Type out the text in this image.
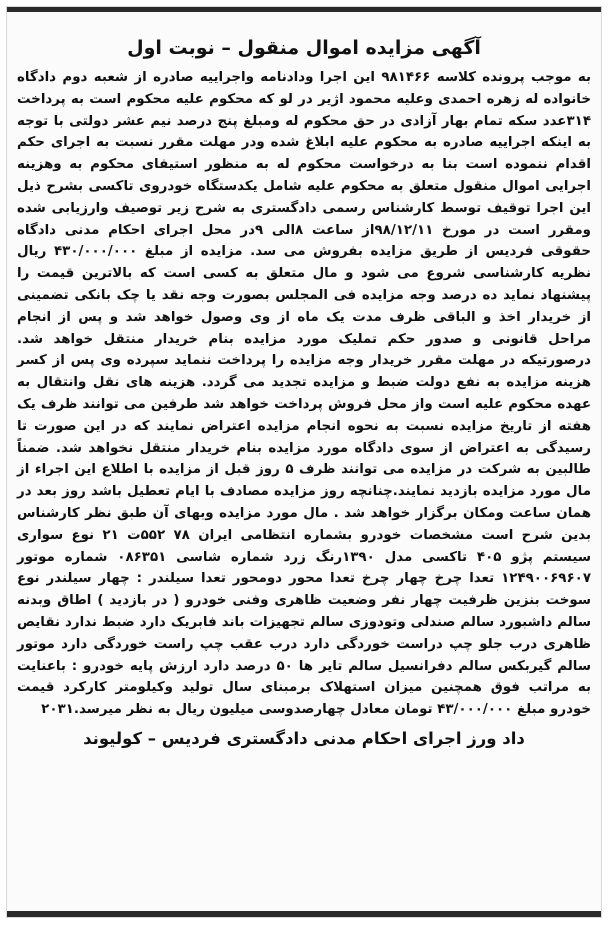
آگهی مزایده اموال منقول – نوبت اول

به موجب پرونده کلاسه ۹۸۱۴۶۶ این اجرا ودادنامه واجراییه صادره از شعبه دوم دادگاه خانواده له زهره احمدی وعلیه محمود اژیر در لو که محکوم علیه محکوم است به پرداخت ۳۱۴عدد سکه تمام بهار آزادی در حق محکوم له ومبلغ پنج درصد نیم عشر دولتی با توجه به اینکه اجراییه صادره به محکوم علیه ابلاغ شده ودر مهلت مقرر نسبت به اجرای حکم اقدام ننموده است بنا به درخواست محکوم له به منظور استیفای محکوم به وهزینه اجرایی اموال منقول متعلق به محکوم علیه شامل یکدستگاه خودروی تاکسی بشرح ذیل این اجرا توقیف توسط کارشناس رسمی دادگستری به شرح زیر توصیف وارزیابی شده ومقرر است در مورخ ۹۸/۱۲/۱۱از ساعت ۸الی ۹در محل اجرای احکام مدنی دادگاه حقوقی فردیس از طریق مزایده بفروش می سد. مزایده از مبلغ ۴۳۰/۰۰۰/۰۰۰ ریال نظریه کارشناسی شروع می شود و مال متعلق به کسی است که بالاترین قیمت را پیشنهاد نماید ده درصد وجه مزایده فی المجلس بصورت وجه نقد یا چک بانکی تضمینی از خریدار اخذ و الباقی ظرف مدت یک ماه از وی وصول خواهد شد و پس از انجام مراحل قانونی و صدور حکم تملیک مورد مزایده بنام خریدار منتقل خواهد شد. درصورتیکه در مهلت مقرر خریدار وجه مزایده را پرداخت ننماید سپرده وی پس از کسر هزینه مزایده به نفع دولت ضبط و مزایده تجدید می گردد. هزینه های نقل وانتقال به عهده محکوم علیه است واز محل فروش پرداخت خواهد شد طرفین می توانند ظرف یک هفته از تاریخ مزایده نسبت به نحوه انجام مزایده اعتراض نمایند که در این صورت تا رسیدگی به اعتراض از سوی دادگاه مورد مزایده بنام خریدار منتقل نخواهد شد. ضمناً طالبین به شرکت در مزایده می توانند ظرف ۵ روز قبل از مزایده با اطلاع این اجراء از مال مورد مزایده بازدید نمایند.چنانچه روز مزایده مصادف با ایام تعطیل باشد روز بعد در همان ساعت ومکان برگزار خواهد شد . مال مورد مزایده وبهای آن طبق نظر کارشناس بدین شرح است مشخصات خودرو بشماره انتظامی ایران ۷۸ ۵۵۲ت ۲۱ نوع سواری سیستم پژو ۴۰۵ تاکسی مدل ۱۳۹۰رنگ زرد شماره شاسی ۰۸۶۳۵۱ شماره موتور ۱۲۴۹۰۰۶۹۶۰۷ تعدا چرخ چهار چرخ تعدا محور دومحور تعدا سیلندر : چهار سیلندر نوع سوخت بنزین ظرفیت چهار نفر وضعیت ظاهری وفنی خودرو ( در بازدید ) اطاق وبدنه سالم داشبورد سالم صندلی وتودوزی سالم تجهیزات باند فابریک دارد ضبط ندارد نقایص ظاهری درب جلو چپ دراست خوردگی دارد درب عقب چپ راست خوردگی دارد موتور سالم گیربکس سالم دفرانسیل سالم تایر ها ۵۰ درصد دارد ارزش پایه خودرو : باعنایت به مراتب فوق همچنین میزان استهلاک برمبنای سال تولید وکیلومتر کارکرد قیمت خودرو مبلغ ۴۳/۰۰۰/۰۰۰ تومان معادل چهارصدوسی میلیون ریال به نظر میرسد.۲۰۳۱

داد ورز اجرای احکام مدنی دادگستری فردیس – کولیوند
